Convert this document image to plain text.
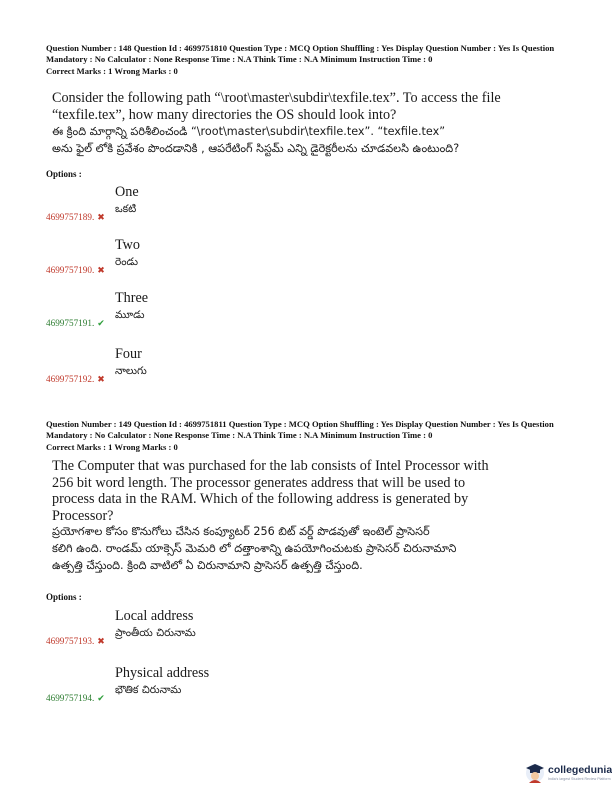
Question Number : 148 Question Id : 4699751810 Question Type : MCQ Option Shuffling : Yes Display Question Number : Yes Is Question Mandatory : No Calculator : None Response Time : N.A Think Time : N.A Minimum Instruction Time : 0
Correct Marks : 1 Wrong Marks : 0
Consider the following path “\root\master\subdir\texfile.tex”. To access the file “texfile.tex”, how many directories the OS should look into?
ఈ క్రింది మార్గాన్ని పరిశీలించండి “\root\master\subdir\texfile.tex”. “texfile.tex”
అను ఫైల్ లోకి ప్రవేశం పొందడానికి , ఆపరేటింగ్ సిస్టమ్ ఎన్ని డైరెక్టరీలను చూడవలసి ఉంటుంది?
Options :
One
ఒకటి
4699757189. ✖
Two
రెండు
4699757190. ✖
Three
మూడు
4699757191. ✔
Four
నాలుగు
4699757192. ✖
Question Number : 149 Question Id : 4699751811 Question Type : MCQ Option Shuffling : Yes Display Question Number : Yes Is Question Mandatory : No Calculator : None Response Time : N.A Think Time : N.A Minimum Instruction Time : 0
Correct Marks : 1 Wrong Marks : 0
The Computer that was purchased for the lab consists of Intel Processor with 256 bit word length. The processor generates address that will be used to process data in the RAM. Which of the following address is generated by Processor?
ప్రయోగశాల కోసం కొనుగోలు చేసిన కంప్యూటర్ 256 బిట్ వర్డ్ పొడవుతో ఇంటెల్ ప్రాసెసర్
కలిగి ఉంది. రాండమ్ యాక్సెస్ మెమరి లో దత్తాంశాన్ని ఉపయోగించుటకు ప్రాసెసర్ చిరునామాని
ఉత్పత్తి చేస్తుంది. క్రింది వాటిలో ఏ చిరునామాని ప్రాసెసర్ ఉత్పత్తి చేస్తుంది.
Options :
Local address
ప్రాంతీయ చిరునామ
4699757193. ✖
Physical address
భౌతిక చిరునామ
4699757194. ✔
collegedunia
India's largest Student Review Platform
